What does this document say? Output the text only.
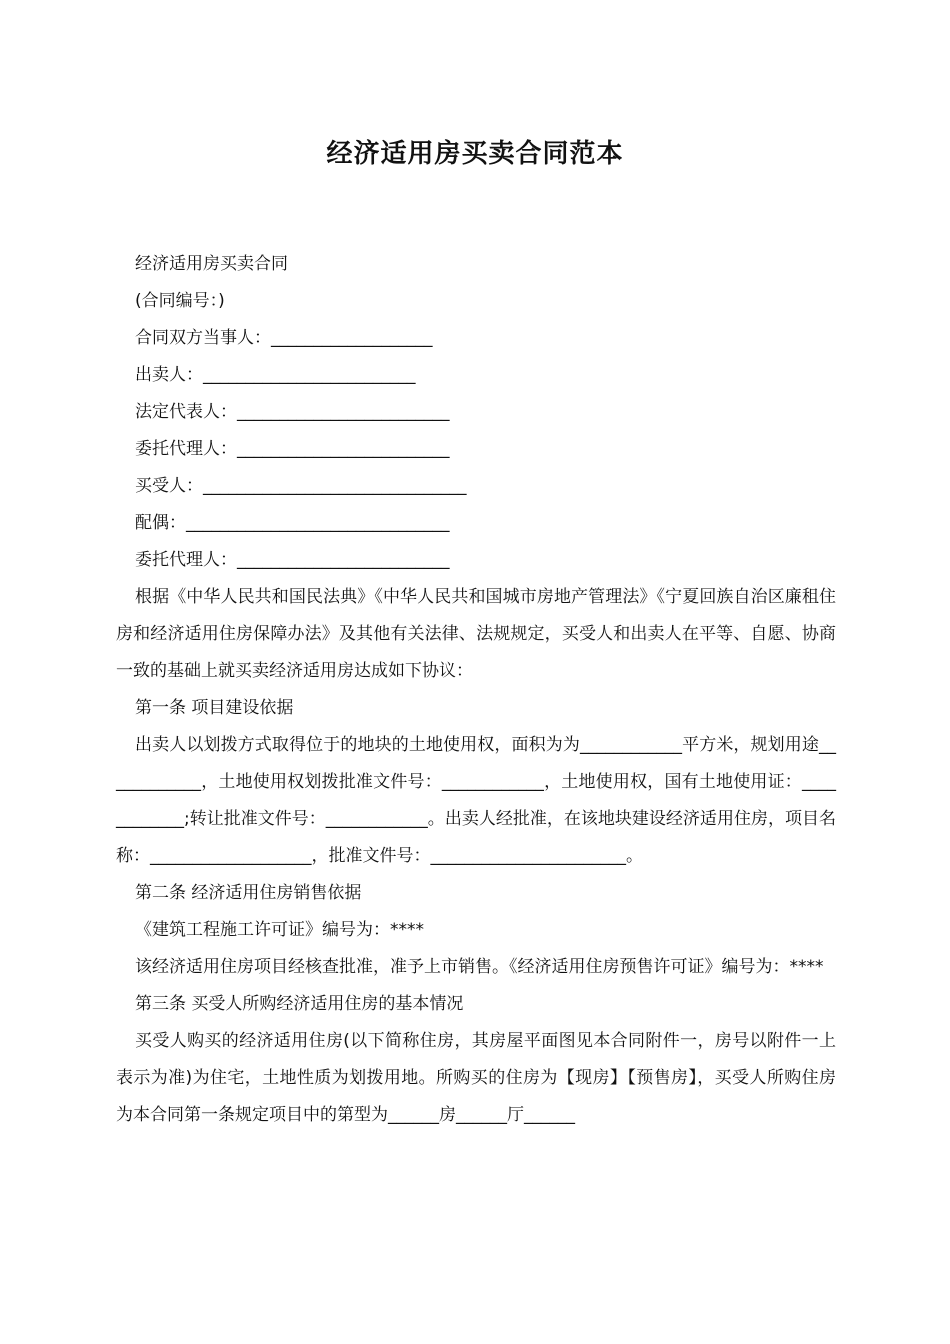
经济适用房买卖合同范本

经济适用房买卖合同

(合同编号：)

合同双方当事人：___________________

出卖人：_________________________

法定代表人：_________________________

委托代理人：_________________________

买受人：_______________________________

配偶：_______________________________

委托代理人：_________________________

根据《中华人民共和国民法典》《中华人民共和国城市房地产管理法》《宁夏回族自治区廉租住房和经济适用住房保障办法》及其他有关法律、法规规定，买受人和出卖人在平等、自愿、协商一致的基础上就买卖经济适用房达成如下协议：

第一条 项目建设依据

出卖人以划拨方式取得位于的地块的土地使用权，面积为为____________平方米，规划用途____________，土地使用权划拨批准文件号：____________，土地使用权，国有土地使用证：____________;转让批准文件号：____________。出卖人经批准，在该地块建设经济适用住房，项目名称：___________________，批准文件号：_______________________。

第二条 经济适用住房销售依据

《建筑工程施工许可证》编号为：****

该经济适用住房项目经核查批准，准予上市销售。《经济适用住房预售许可证》编号为：****

第三条 买受人所购经济适用住房的基本情况

买受人购买的经济适用住房(以下简称住房，其房屋平面图见本合同附件一，房号以附件一上表示为准)为住宅，土地性质为划拨用地。所购买的住房为【现房】【预售房】，买受人所购住房为本合同第一条规定项目中的第型为______房______厅______
